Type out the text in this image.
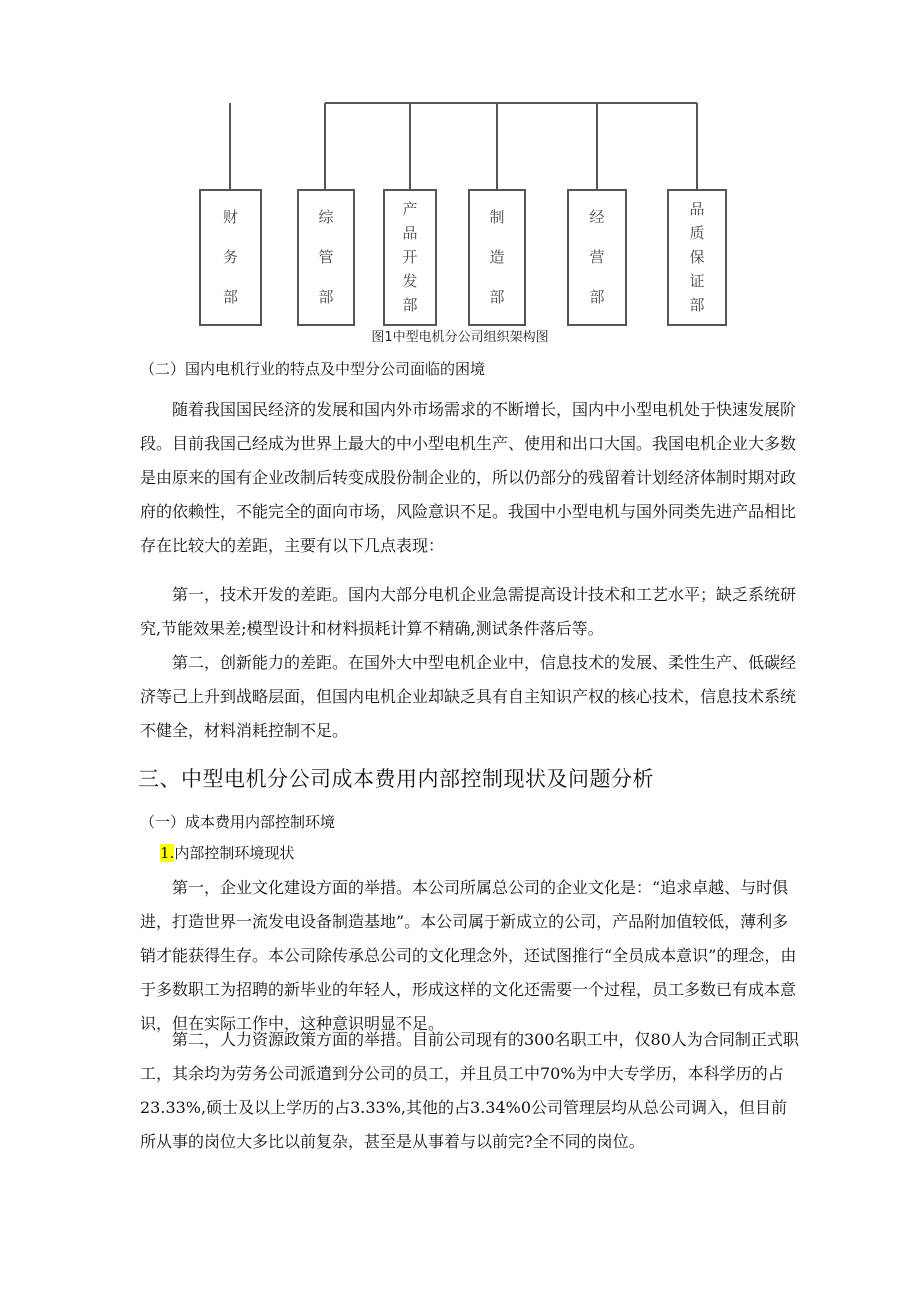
财
务
部
综
管
部
产
品
开
发
部
制
造
部
经
营
部
品
质
保
证
部
图1中型电机分公司组织架构图
（二）国内电机行业的特点及中型分公司面临的困境

随着我国国民经济的发展和国内外市场需求的不断增长，国内中小型电机处于快速发展阶段。目前我国己经成为世界上最大的中小型电机生产、使用和出口大国。我国电机企业大多数是由原来的国有企业改制后转变成股份制企业的，所以仍部分的残留着计划经济体制时期对政府的依赖性，不能完全的面向市场，风险意识不足。我国中小型电机与国外同类先进产品相比存在比较大的差距，主要有以下几点表现：

第一，技术开发的差距。国内大部分电机企业急需提高设计技术和工艺水平；缺乏系统研究,节能效果差;模型设计和材料损耗计算不精确,测试条件落后等。

第二，创新能力的差距。在国外大中型电机企业中，信息技术的发展、柔性生产、低碳经济等己上升到战略层面，但国内电机企业却缺乏具有自主知识产权的核心技术，信息技术系统不健全，材料消耗控制不足。

三、中型电机分公司成本费用内部控制现状及问题分析
（一）成本费用内部控制环境
1.内部控制环境现状

第一，企业文化建设方面的举措。本公司所属总公司的企业文化是：“追求卓越、与时俱进，打造世界一流发电设备制造基地”。本公司属于新成立的公司，产品附加值较低，薄利多销才能获得生存。本公司除传承总公司的文化理念外，还试图推行“全员成本意识”的理念，由于多数职工为招聘的新毕业的年轻人，形成这样的文化还需要一个过程，员工多数已有成本意识，但在实际工作中，这种意识明显不足。

第二，人力资源政策方面的举措。目前公司现有的300名职工中，仅80人为合同制正式职工，其余均为劳务公司派遣到分公司的员工，并且员工中70%为中大专学历，本科学历的占23.33%,硕士及以上学历的占3.33%,其他的占3.34%0公司管理层均从总公司调入，但目前所从事的岗位大多比以前复杂，甚至是从事着与以前完?全不同的岗位。
